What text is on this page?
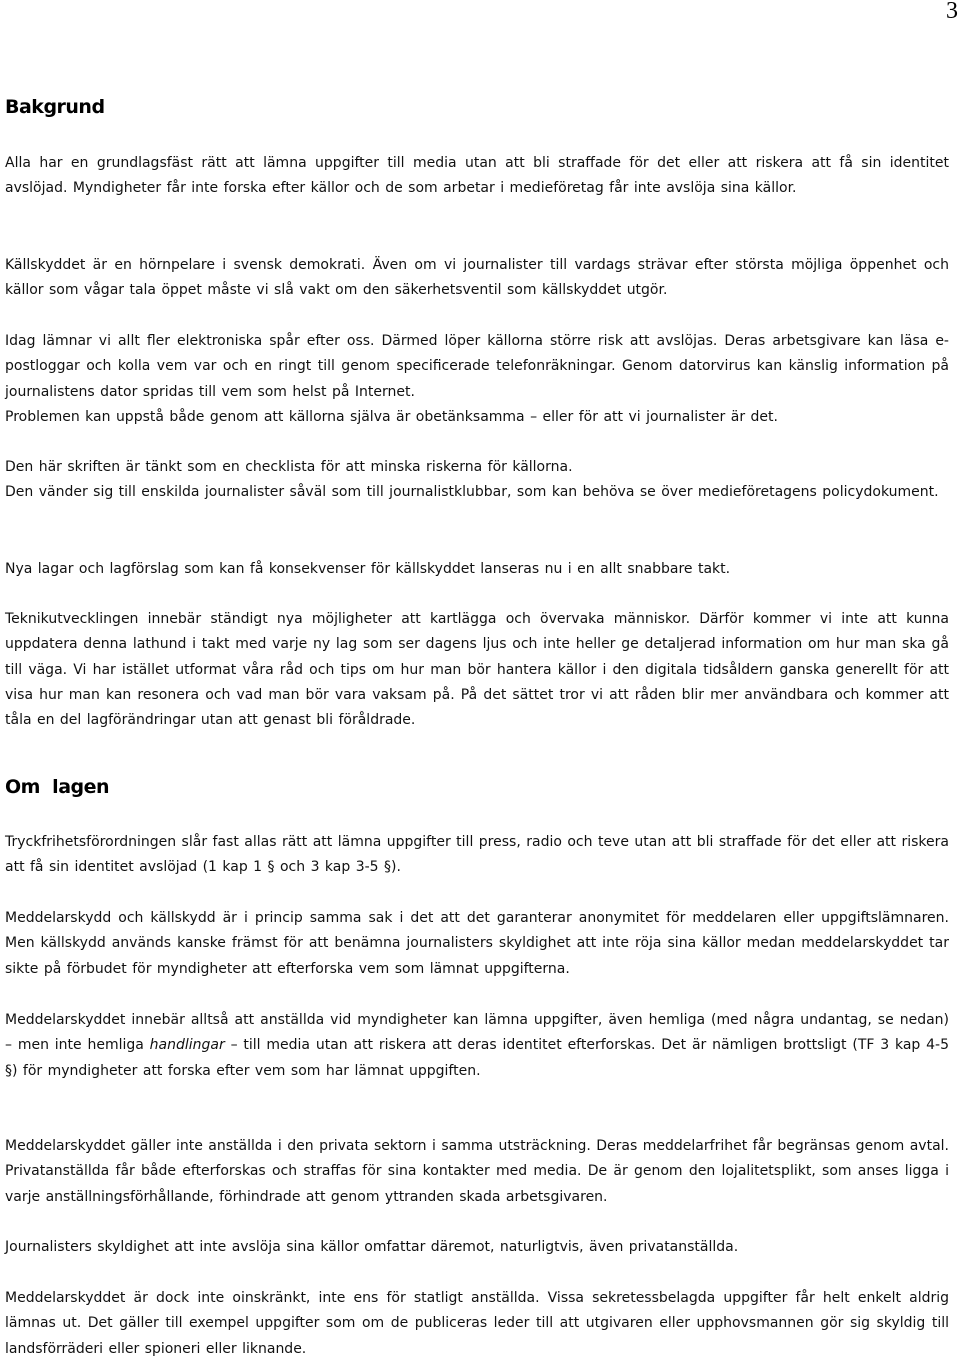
3
Bakgrund

Alla har en grundlagsfäst rätt att lämna uppgifter till media utan att bli straffade för det eller att riskera att få sin identitet avslöjad. Myndigheter får inte forska efter källor och de som arbetar i medieföretag får inte avslöja sina källor.

Källskyddet är en hörnpelare i svensk demokrati. Även om vi journalister till vardags strävar efter största möjliga öppenhet och källor som vågar tala öppet måste vi slå vakt om den säkerhetsventil som källskyddet utgör.

Idag lämnar vi allt fler elektroniska spår efter oss. Därmed löper källorna större risk att avslöjas. Deras arbetsgivare kan läsa e-postloggar och kolla vem var och en ringt till genom specificerade telefonräkningar. Genom datorvirus kan känslig information på journalistens dator spridas till vem som helst på Internet.

Problemen kan uppstå både genom att källorna själva är obetänksamma – eller för att vi journalister är det.

Den här skriften är tänkt som en checklista för att minska riskerna för källorna.

Den vänder sig till enskilda journalister såväl som till journalistklubbar, som kan behöva se över medieföretagens policydokument.

Nya lagar och lagförslag som kan få konsekvenser för källskyddet lanseras nu i en allt snabbare takt.

Teknikutvecklingen innebär ständigt nya möjligheter att kartlägga och övervaka människor. Därför kommer vi inte att kunna uppdatera denna lathund i takt med varje ny lag som ser dagens ljus och inte heller ge detaljerad information om hur man ska gå till väga. Vi har istället utformat våra råd och tips om hur man bör hantera källor i den digitala tidsåldern ganska generellt för att visa hur man kan resonera och vad man bör vara vaksam på. På det sättet tror vi att råden blir mer användbara och kommer att tåla en del lagförändringar utan att genast bli föråldrade.

Om  lagen

Tryckfrihetsförordningen slår fast allas rätt att lämna uppgifter till press, radio och teve utan att bli straffade för det eller att riskera att få sin identitet avslöjad (1 kap 1 § och 3 kap 3-5 §).

Meddelarskydd och källskydd är i princip samma sak i det att det garanterar anonymitet för meddelaren eller uppgiftslämnaren. Men källskydd används kanske främst för att benämna journalisters skyldighet att inte röja sina källor medan meddelarskyddet tar sikte på förbudet för myndigheter att efterforska vem som lämnat uppgifterna.

Meddelarskyddet innebär alltså att anställda vid myndigheter kan lämna uppgifter, även hemliga (med några undantag, se nedan) – men inte hemliga handlingar – till media utan att riskera att deras identitet efterforskas. Det är nämligen brottsligt (TF 3 kap 4-5 §) för myndigheter att forska efter vem som har lämnat uppgiften.

Meddelarskyddet gäller inte anställda i den privata sektorn i samma utsträckning. Deras meddelarfrihet får begränsas genom avtal. Privatanställda får både efterforskas och straffas för sina kontakter med media. De är genom den lojalitetsplikt, som anses ligga i varje anställningsförhållande, förhindrade att genom yttranden skada arbetsgivaren.

Journalisters skyldighet att inte avslöja sina källor omfattar däremot, naturligtvis, även privatanställda.

Meddelarskyddet är dock inte oinskränkt, inte ens för statligt anställda. Vissa sekretessbelagda uppgifter får helt enkelt aldrig lämnas ut. Det gäller till exempel uppgifter som om de publiceras leder till att utgivaren eller upphovsmannen gör sig skyldig till landsförräderi eller spioneri eller liknande.
